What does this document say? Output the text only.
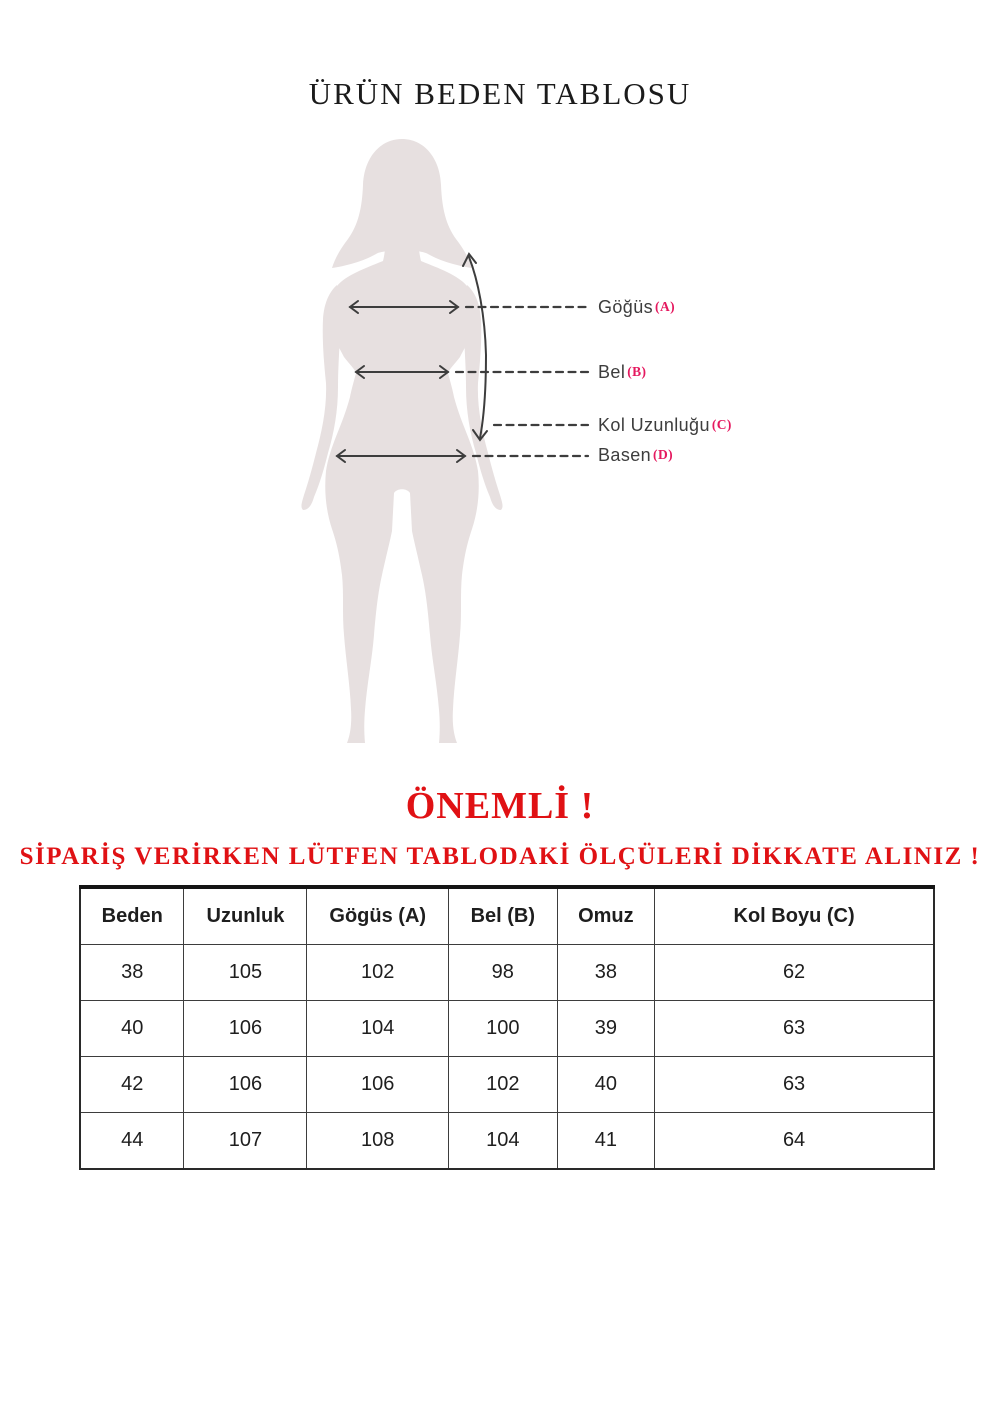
ÜRÜN BEDEN TABLOSU
Göğüs (A)
Bel (B)
Kol Uzunluğu (C)
Basen (D)
ÖNEMLİ !
SİPARİŞ VERİRKEN LÜTFEN TABLODAKİ ÖLÇÜLERİ DİKKATE ALINIZ !
Beden	Uzunluk	Gögüs (A)	Bel (B)	Omuz	Kol Boyu (C)
38	105	102	98	38	62
40	106	104	100	39	63
42	106	106	102	40	63
44	107	108	104	41	64
